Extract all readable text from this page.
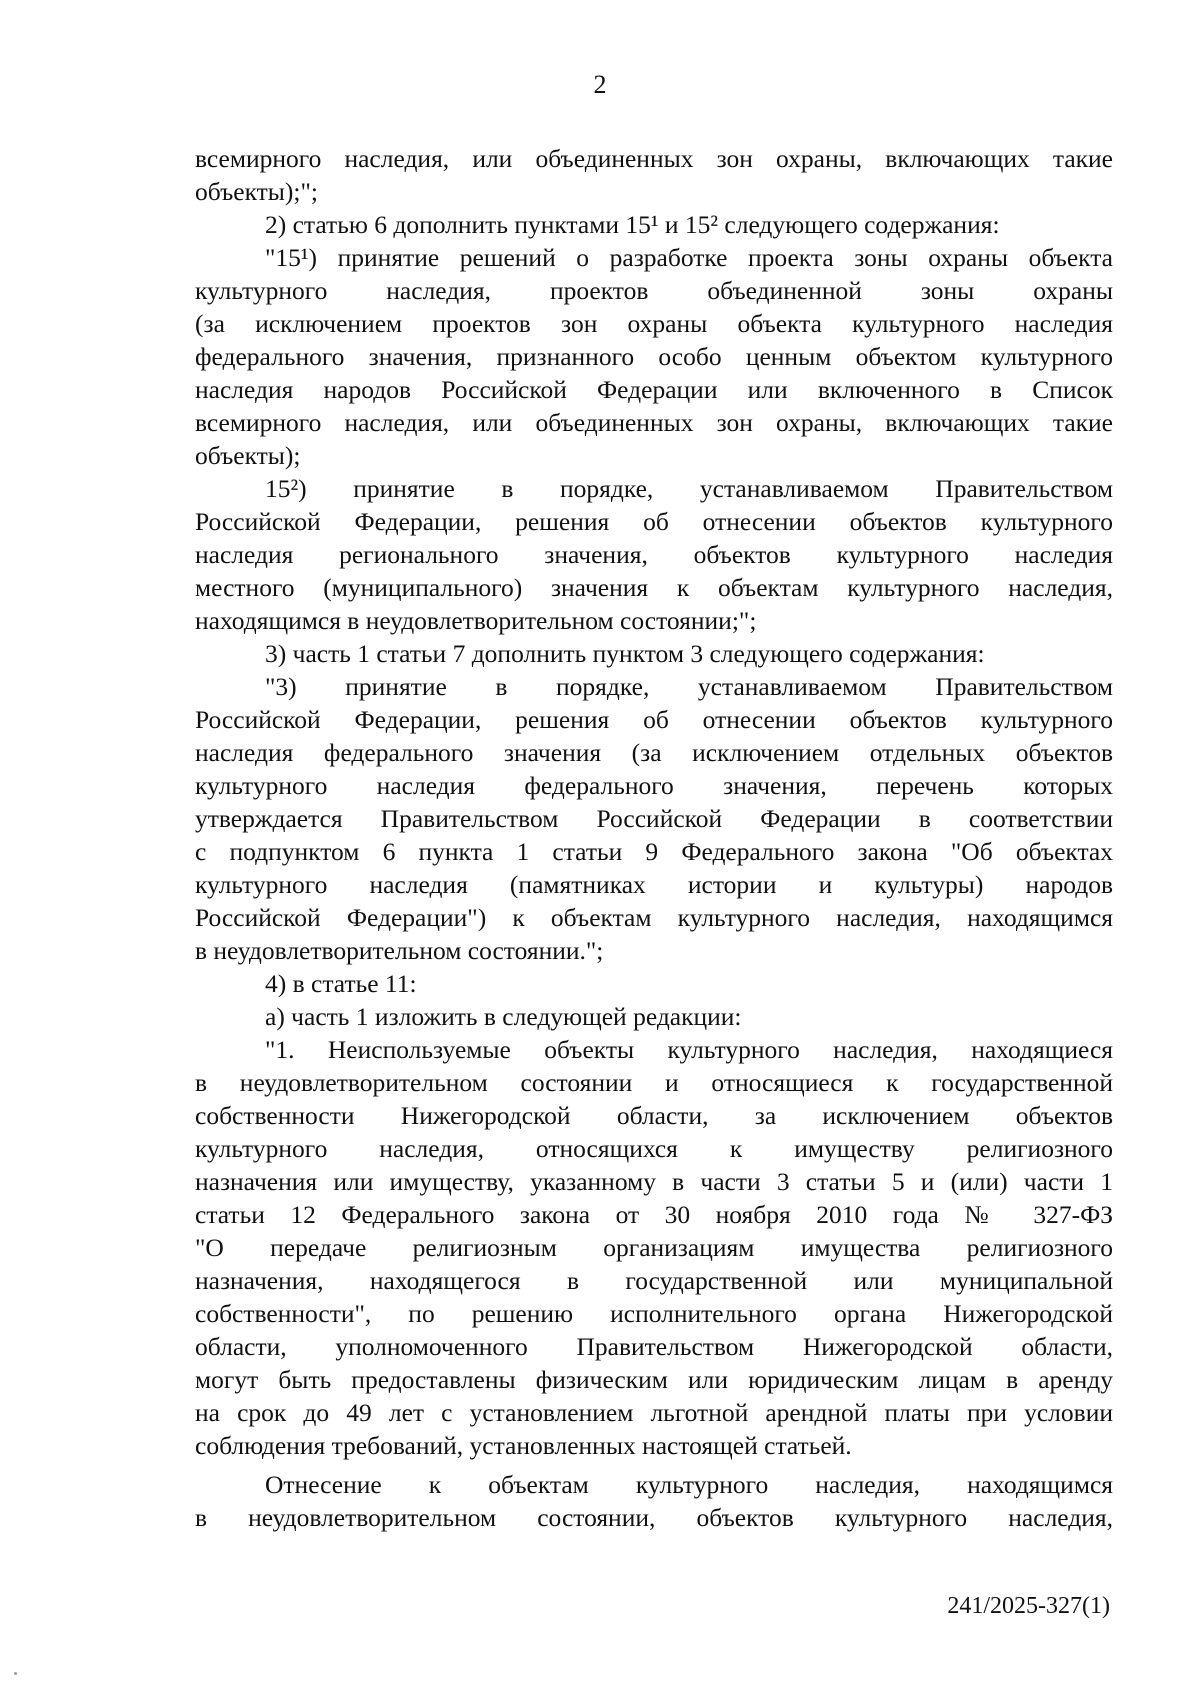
2
всемирного наследия, или объединенных зон охраны, включающих такие
объекты);";
2) статью 6 дополнить пунктами 15¹ и 15² следующего содержания:
"15¹) принятие решений о разработке проекта зоны охраны объекта
культурного наследия, проектов объединенной зоны охраны
(за исключением проектов зон охраны объекта культурного наследия
федерального значения, признанного особо ценным объектом культурного
наследия народов Российской Федерации или включенного в Список
всемирного наследия, или объединенных зон охраны, включающих такие
объекты);
15²) принятие в порядке, устанавливаемом Правительством
Российской Федерации, решения об отнесении объектов культурного
наследия регионального значения, объектов культурного наследия
местного (муниципального) значения к объектам культурного наследия,
находящимся в неудовлетворительном состоянии;";
3) часть 1 статьи 7 дополнить пунктом 3 следующего содержания:
"3) принятие в порядке, устанавливаемом Правительством
Российской Федерации, решения об отнесении объектов культурного
наследия федерального значения (за исключением отдельных объектов
культурного наследия федерального значения, перечень которых
утверждается Правительством Российской Федерации в соответствии
с подпунктом 6 пункта 1 статьи 9 Федерального закона "Об объектах
культурного наследия (памятниках истории и культуры) народов
Российской Федерации") к объектам культурного наследия, находящимся
в неудовлетворительном состоянии.";
4) в статье 11:
а) часть 1 изложить в следующей редакции:
"1. Неиспользуемые объекты культурного наследия, находящиеся
в неудовлетворительном состоянии и относящиеся к государственной
собственности Нижегородской области, за исключением объектов
культурного наследия, относящихся к имуществу религиозного
назначения или имуществу, указанному в части 3 статьи 5 и (или) части 1
статьи 12 Федерального закона от 30 ноября 2010 года № 327-ФЗ
"О передаче религиозным организациям имущества религиозного
назначения, находящегося в государственной или муниципальной
собственности", по решению исполнительного органа Нижегородской
области, уполномоченного Правительством Нижегородской области,
могут быть предоставлены физическим или юридическим лицам в аренду
на срок до 49 лет с установлением льготной арендной платы при условии
соблюдения требований, установленных настоящей статьей.
Отнесение к объектам культурного наследия, находящимся
в неудовлетворительном состоянии, объектов культурного наследия,
241/2025-327(1)
